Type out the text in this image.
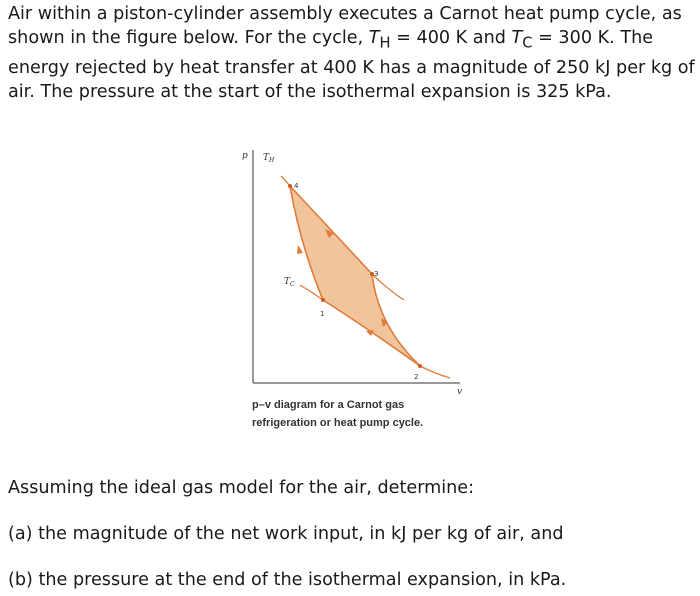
Air within a piston-cylinder assembly executes a Carnot heat pump cycle, as shown in the figure below. For the cycle, $T_H = 400$ K and $T_C = 300$ K. The energy rejected by heat transfer at 400 K has a magnitude of 250 kJ per kg of air. The pressure at the start of the isothermal expansion is 325 kPa.

p
v
4
3
1
2
$T_H$
$T_C$
p–v diagram for a Carnot gas
refrigeration or heat pump cycle.

Assuming the ideal gas model for the air, determine:

(a) the magnitude of the net work input, in kJ per kg of air, and

(b) the pressure at the end of the isothermal expansion, in kPa.
